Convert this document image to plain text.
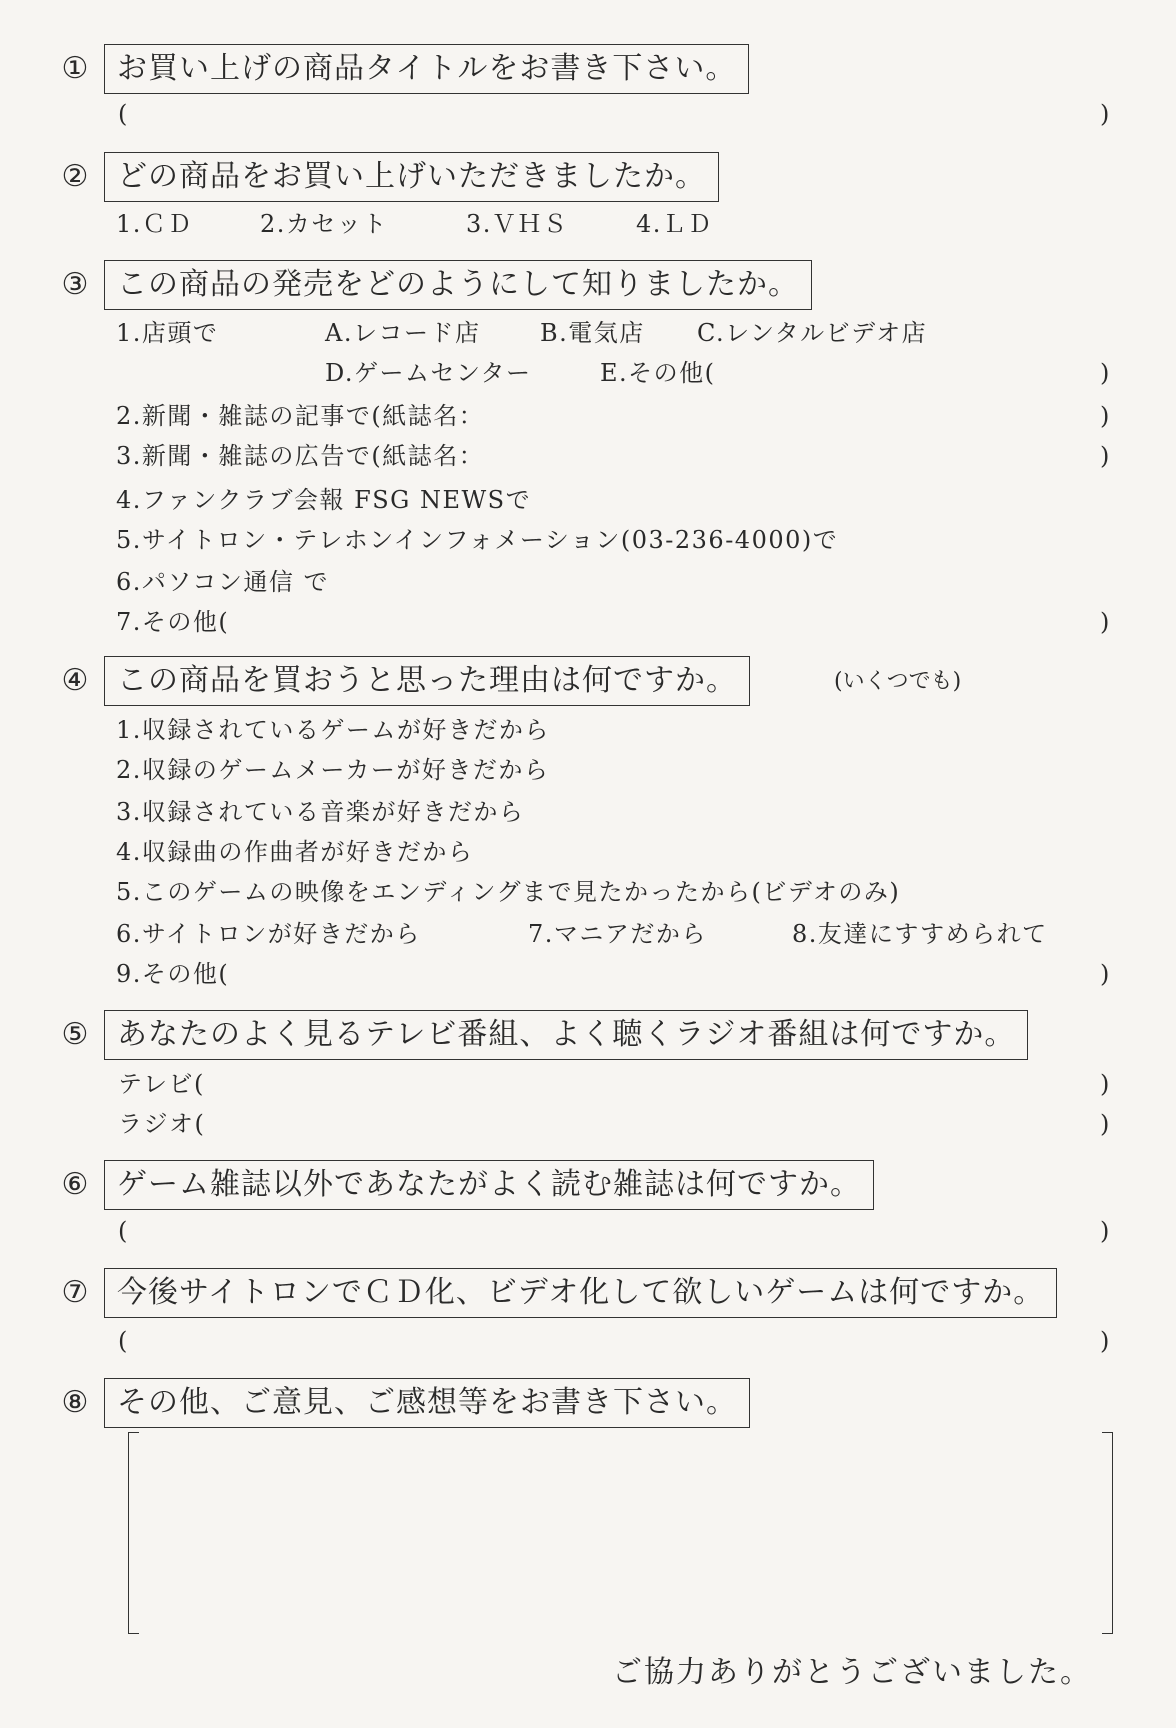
① お買い上げの商品タイトルをお書き下さい。
(	)
② どの商品をお買い上げいただきましたか。
1.ＣＤ	2.カセット	3.ＶＨＳ	4.ＬＤ
③ この商品の発売をどのようにして知りましたか。
1.店頭で	A.レコード店 B.電気店 C.レンタルビデオ店
D.ゲームセンター	E.その他(	)
2.新聞・雑誌の記事で(紙誌名：	)
3.新聞・雑誌の広告で(紙誌名：	)
4.ファンクラブ会報 FSG NEWSで
5.サイトロン・テレホンインフォメーション(03-236-4000)で
6.パソコン通信 で
7.その他(	)
④ この商品を買おうと思った理由は何ですか。	(いくつでも)
1.収録されているゲームが好きだから
2.収録のゲームメーカーが好きだから
3.収録されている音楽が好きだから
4.収録曲の作曲者が好きだから
5.このゲームの映像をエンディングまで見たかったから(ビデオのみ)
6.サイトロンが好きだから	7.マニアだから	8.友達にすすめられて
9.その他(	)
⑤ あなたのよく見るテレビ番組、よく聴くラジオ番組は何ですか。
テレビ(	)
ラジオ(	)
⑥ ゲーム雑誌以外であなたがよく読む雑誌は何ですか。
(	)
⑦ 今後サイトロンでＣＤ化、ビデオ化して欲しいゲームは何ですか。
(	)
⑧ その他、ご意見、ご感想等をお書き下さい。
ご協力ありがとうございました。
